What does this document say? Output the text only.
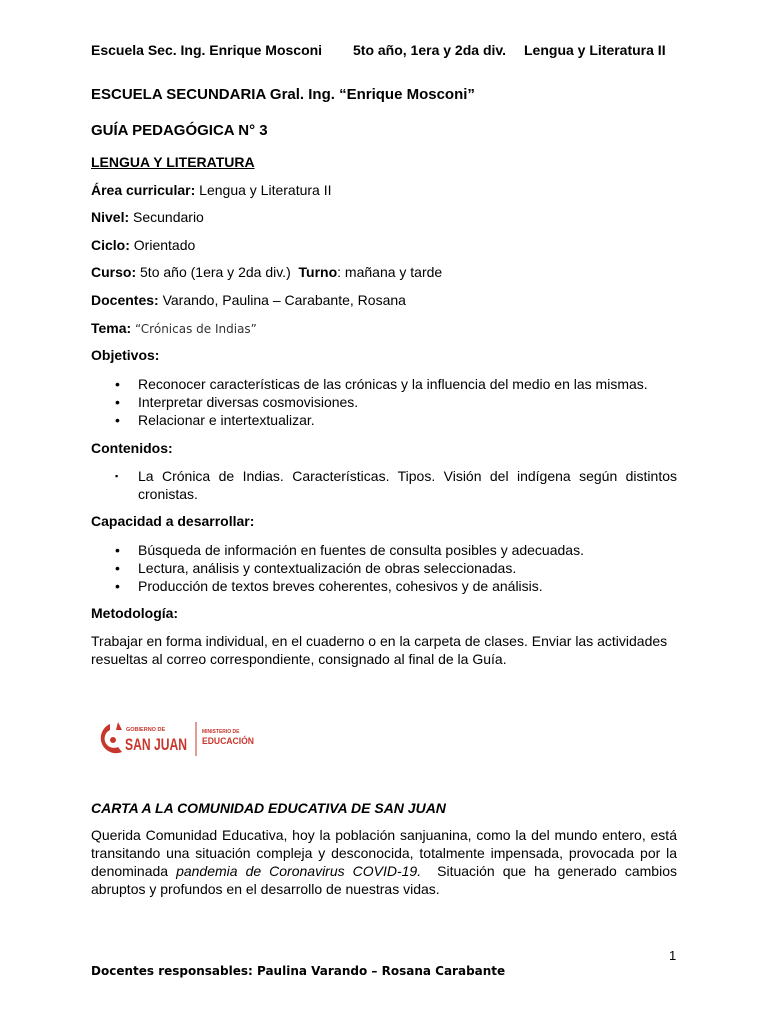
Escuela Sec. Ing. Enrique Mosconi 5to año, 1era y 2da div. Lengua y Literatura II
ESCUELA SECUNDARIA Gral. Ing. “Enrique Mosconi”
GUÍA PEDAGÓGICA N° 3
LENGUA Y LITERATURA
Área curricular: Lengua y Literatura II
Nivel: Secundario
Ciclo: Orientado
Curso: 5to año (1era y 2da div.)  Turno: mañana y tarde
Docentes: Varando, Paulina – Carabante, Rosana
Tema: “Crónicas de Indias”
Objetivos:
• Reconocer características de las crónicas y la influencia del medio en las mismas.
• Interpretar diversas cosmovisiones.
• Relacionar e intertextualizar.
Contenidos:
▪ La Crónica de Indias. Características. Tipos. Visión del indígena según distintos cronistas.
Capacidad a desarrollar:
• Búsqueda de información en fuentes de consulta posibles y adecuadas.
• Lectura, análisis y contextualización de obras seleccionadas.
• Producción de textos breves coherentes, cohesivos y de análisis.
Metodología:
Trabajar en forma individual, en el cuaderno o en la carpeta de clases. Enviar las actividades resueltas al correo correspondiente, consignado al final de la Guía.
GOBIERNO DE
SAN JUAN
MINISTERIO DE
EDUCACIÓN
CARTA A LA COMUNIDAD EDUCATIVA DE SAN JUAN
Querida Comunidad Educativa, hoy la población sanjuanina, como la del mundo entero, está transitando una situación compleja y desconocida, totalmente impensada, provocada por la denominada pandemia de Coronavirus COVID-19.  Situación que ha generado cambios abruptos y profundos en el desarrollo de nuestras vidas.
1
Docentes responsables: Paulina Varando – Rosana Carabante
